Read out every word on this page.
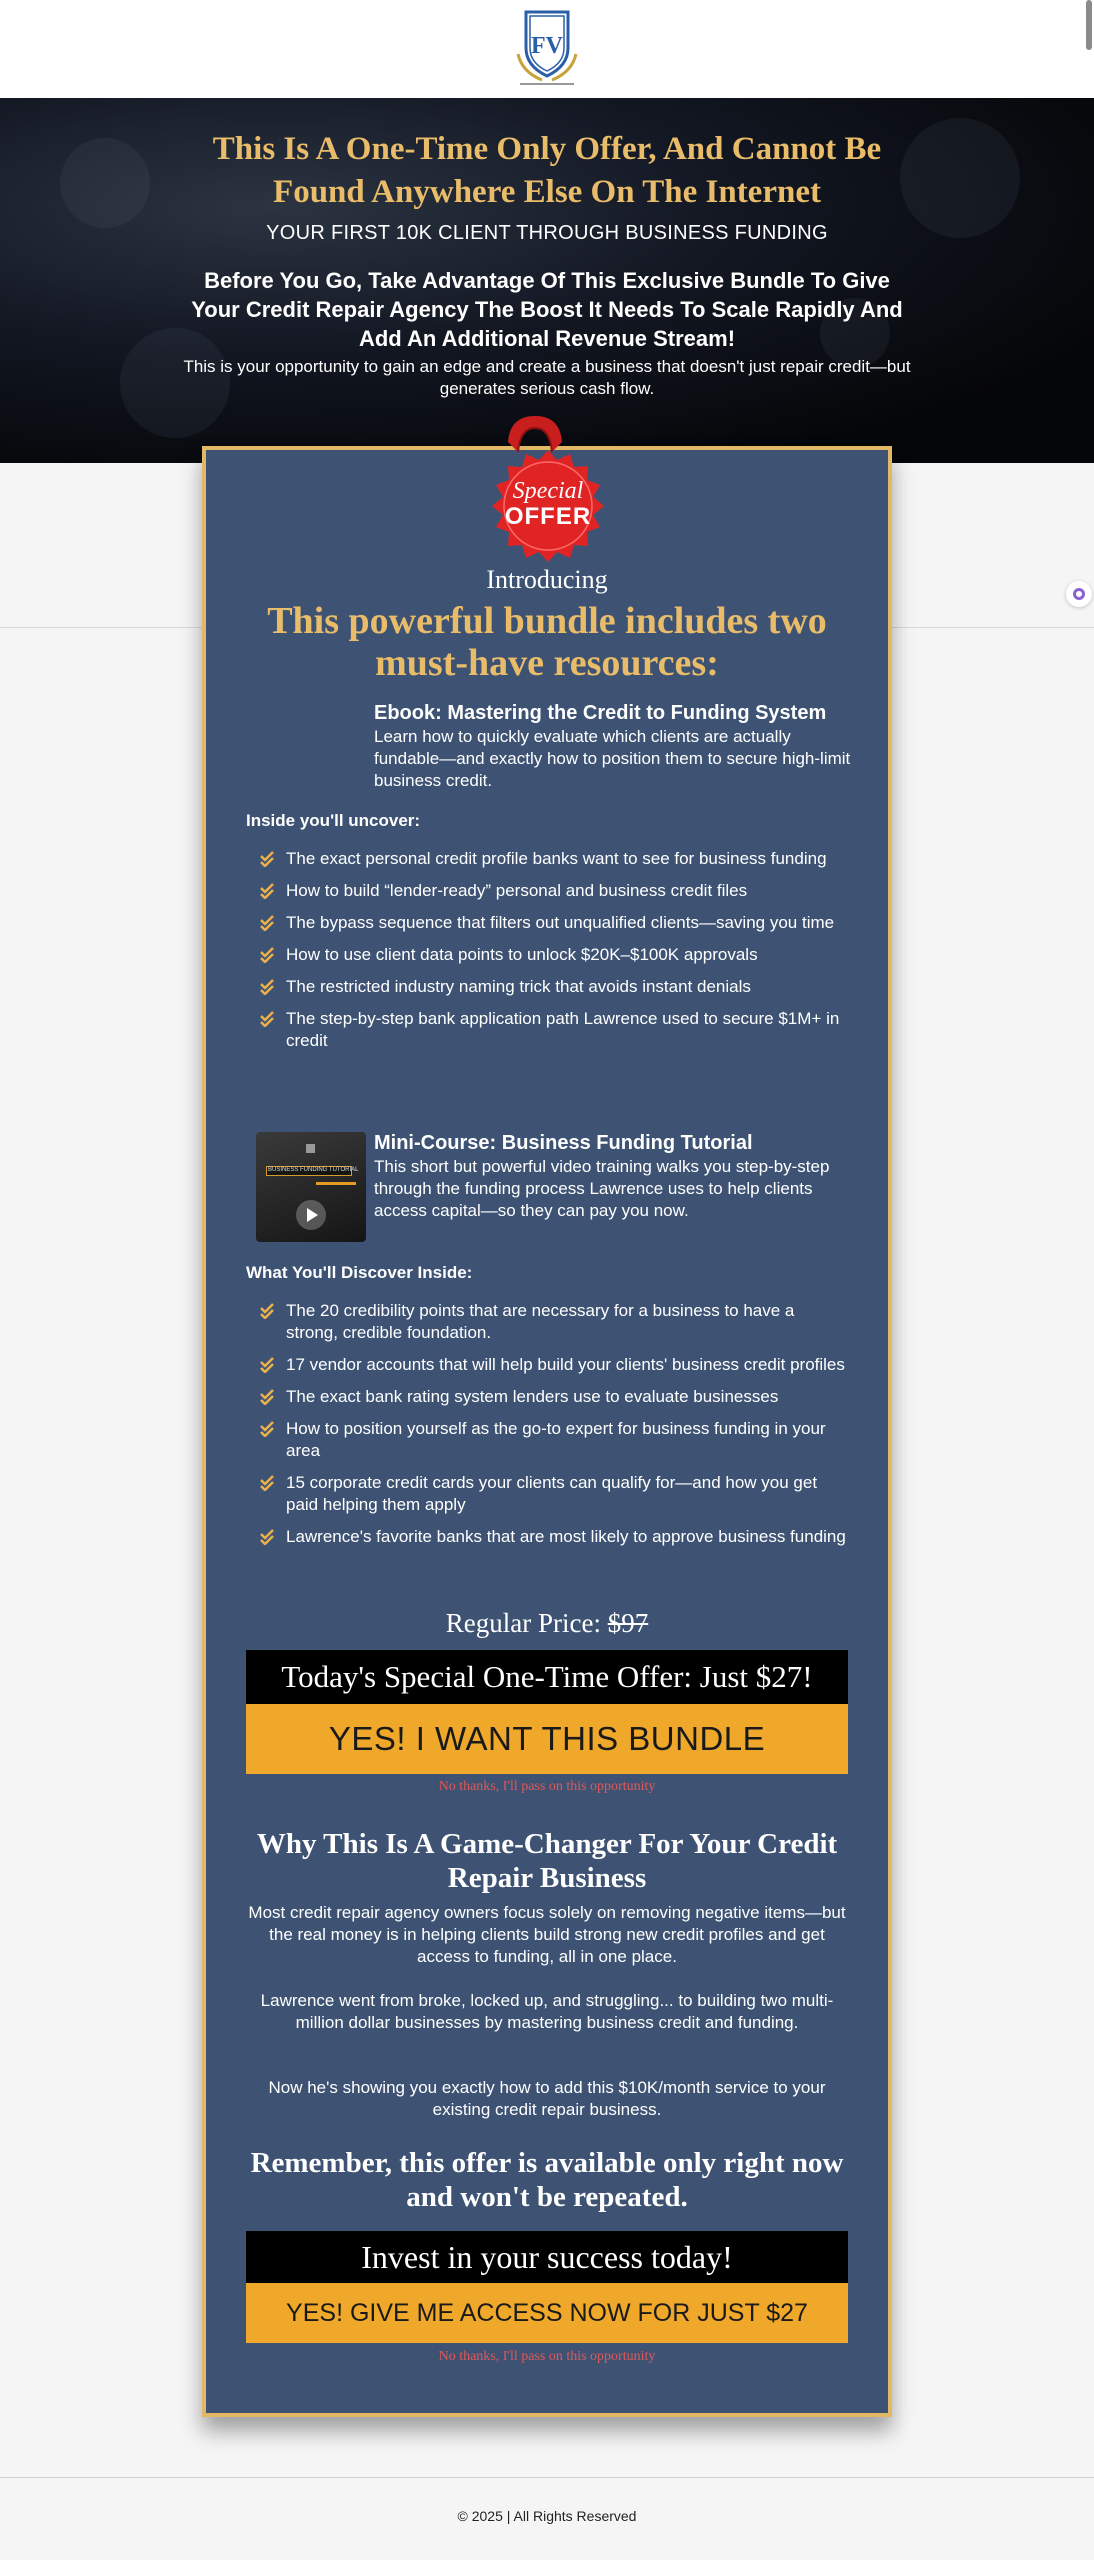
FV
This Is A One-Time Only Offer, And Cannot Be Found Anywhere Else On The Internet
YOUR FIRST 10K CLIENT THROUGH BUSINESS FUNDING
Before You Go, Take Advantage Of This Exclusive Bundle To Give Your Credit Repair Agency The Boost It Needs To Scale Rapidly And Add An Additional Revenue Stream!
This is your opportunity to gain an edge and create a business that doesn't just repair credit—but generates serious cash flow.
Special
OFFER
Introducing
This powerful bundle includes two must-have resources:
Ebook: Mastering the Credit to Funding System
Learn how to quickly evaluate which clients are actually fundable—and exactly how to position them to secure high-limit business credit.
Inside you'll uncover:
The exact personal credit profile banks want to see for business funding
How to build “lender-ready” personal and business credit files
The bypass sequence that filters out unqualified clients—saving you time
How to use client data points to unlock $20K–$100K approvals
The restricted industry naming trick that avoids instant denials
The step-by-step bank application path Lawrence used to secure $1M+ in credit
BUSINESS FUNDING TUTORIAL
Mini-Course: Business Funding Tutorial
This short but powerful video training walks you step-by-step through the funding process Lawrence uses to help clients access capital—so they can pay you now.
What You'll Discover Inside:
The 20 credibility points that are necessary for a business to have a strong, credible foundation.
17 vendor accounts that will help build your clients' business credit profiles
The exact bank rating system lenders use to evaluate businesses
How to position yourself as the go-to expert for business funding in your area
15 corporate credit cards your clients can qualify for—and how you get paid helping them apply
Lawrence's favorite banks that are most likely to approve business funding
Regular Price: $97
Today's Special One-Time Offer: Just $27!
YES! I WANT THIS BUNDLE
No thanks, I'll pass on this opportunity
Why This Is A Game-Changer For Your Credit Repair Business

Most credit repair agency owners focus solely on removing negative items—but the real money is in helping clients build strong new credit profiles and get access to funding, all in one place.

Lawrence went from broke, locked up, and struggling... to building two multi-million dollar businesses by mastering business credit and funding.

Now he's showing you exactly how to add this $10K/month service to your existing credit repair business.

Remember, this offer is available only right now and won't be repeated.
Invest in your success today!
YES! GIVE ME ACCESS NOW FOR JUST $27
No thanks, I'll pass on this opportunity
© 2025 | All Rights Reserved
